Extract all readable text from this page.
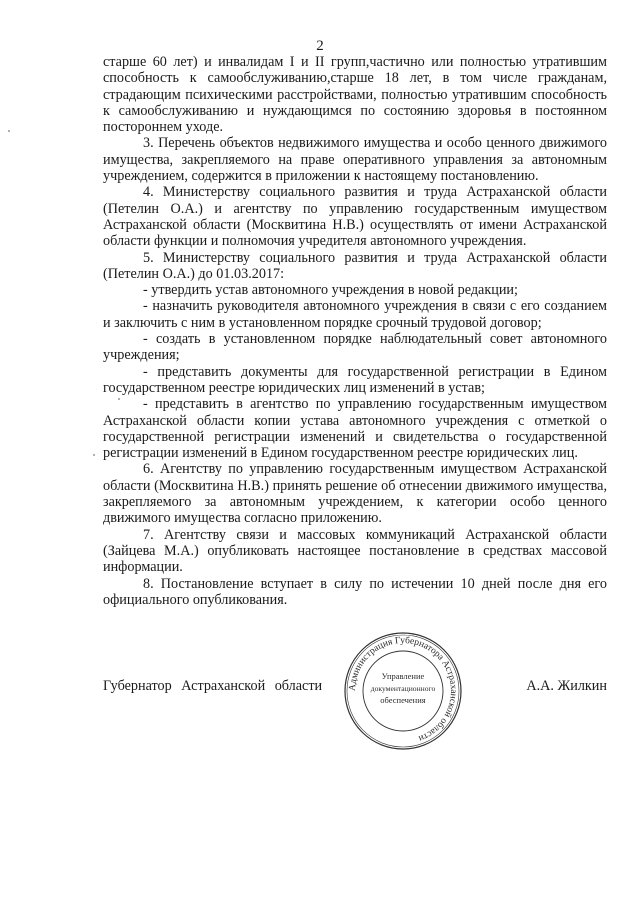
2

старше 60 лет) и инвалидам I и II групп,частично или полностью утратившим способность к самообслуживанию,старше 18 лет, в том числе гражданам, страдающим психическими расстройствами, полностью утратившим способность к самообслуживанию и нуждающимся по состоянию здоровья в постоянном постороннем уходе.

3. Перечень объектов недвижимого имущества и особо ценного движимого имущества, закрепляемого на праве оперативного управления за автономным учреждением, содержится в приложении к настоящему постановлению.

4. Министерству социального развития и труда Астраханской области (Петелин О.А.) и агентству по управлению государственным имуществом Астраханской области (Москвитина Н.В.) осуществлять от имени Астраханской области функции и полномочия учредителя автономного учреждения.

5. Министерству социального развития и труда Астраханской области (Петелин О.А.) до 01.03.2017:

- утвердить устав автономного учреждения в новой редакции;

- назначить руководителя автономного учреждения в связи с его созданием и заключить с ним в установленном порядке срочный трудовой договор;

- создать в установленном порядке наблюдательный совет автономного учреждения;

- представить документы для государственной регистрации в Едином государственном реестре юридических лиц изменений в устав;

- представить в агентство по управлению государственным имуществом Астраханской области копии устава автономного учреждения с отметкой о государственной регистрации изменений и свидетельства о государственной регистрации изменений в Едином государственном реестре юридических лиц.

6. Агентству по управлению государственным имуществом Астраханской области (Москвитина Н.В.) принять решение об отнесении движимого имущества, закрепляемого за автономным учреждением, к категории особо ценного движимого имущества согласно приложению.

7. Агентству связи и массовых коммуникаций Астраханской области (Зайцева М.А.) опубликовать настоящее постановление в средствах массовой информации.

8. Постановление вступает в силу по истечении 10 дней после дня его официального опубликования.

Губернатор Астраханской области	А.А. Жилкин
Администрация Губернатора Астраханской области
Управление
документационного
обеспечения
